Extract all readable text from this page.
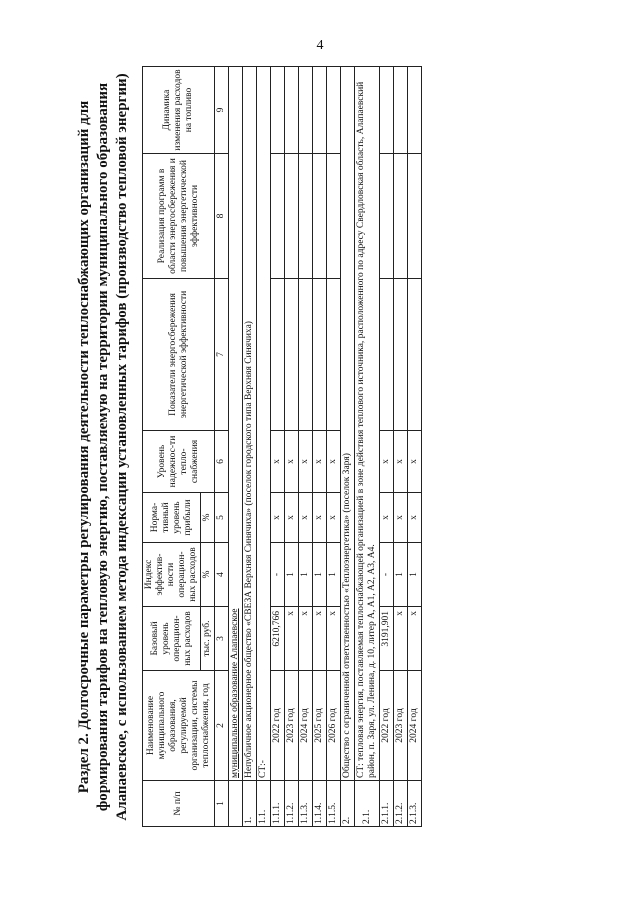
4
Раздел 2. Долгосрочные параметры регулирования деятельности теплоснабжающих организаций для формирования тарифов на тепловую энергию, поставляемую на территории муниципального образования Алапаевское, с использованием метода индексации установленных тарифов (производство тепловой энергии)	№ п/п	Наименование муниципального образования, регулируемой организации, системы теплоснабжения, год	Базовый уровень операцион-ных расходов	Индекс эффектив-ности операцион-ных расходов	Норма-тивный уровень прибыли	Уровень надежнос-ти тепло-снабжения	Показатели энергосбережения энергетической эффективности	Реализация программ в области энергосбережения и повышения энергетической эффективности	Динамика изменения расходов на топливо
		тыс. руб.	%	%				
1	2	3	4	5	6	7	8	9
	муниципальное образование Алапаевское							
1.	Непубличное акционерное общество «СВЕЗА Верхняя Синячиха» (поселок городского типа Верхняя Синячиха)							
1.1.	СТ:-							
1.1.1.	2022 год	6210,766	-	х	х			
1.1.2.	2023 год	х	1	х	х			
1.1.3.	2024 год	х	1	х	х			
1.1.4.	2025 год	х	1	х	х			
1.1.5.	2026 год	х	1	х	х			
2.	Общество с ограниченной ответственностью «Теплоэнергетика» (поселок Заря)							
2.1.	СТ: тепловая энергия, поставляемая теплоснабжающей организацией в зоне действия теплового источника, расположенного по адресу Свердловская область, Алапаевский район, п. Заря, ул. Ленина, д. 10, литер А, А1, А2, А3, А4.							
2.1.1.	2022 год	3191,901	-	х	х			
2.1.2.	2023 год	х	1	х	х			
2.1.3.	2024 год	х	1	х	х			
